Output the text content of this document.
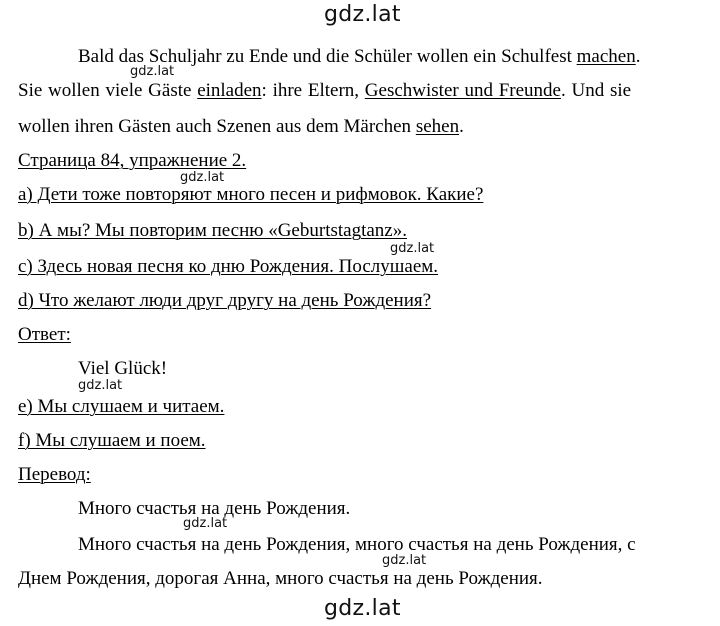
gdz.lat
gdz.lat
gdz.lat
gdz.lat
gdz.lat
gdz.lat
gdz.lat
gdz.lat
Bald das Schuljahr zu Ende und die Schüler wollen ein Schulfest machen.
Sie wollen viele Gäste einladen: ihre Eltern, Geschwister und Freunde. Und sie
wollen ihren Gästen auch Szenen aus dem Märchen sehen.
Страница 84, упражнение 2.
а) Дети тоже повторяют много песен и рифмовок. Какие?
b) А мы? Мы повторим песню «Geburtstagtanz».
c) Здесь новая песня ко дню Рождения. Послушаем.
d) Что желают люди друг другу на день Рождения?
Ответ:
Viel Glück!
e) Мы слушаем и читаем.
f) Мы слушаем и поем.
Перевод:
Много счастья на день Рождения.
Много счастья на день Рождения, много счастья на день Рождения, с
Днем Рождения, дорогая Анна, много счастья на день Рождения.
